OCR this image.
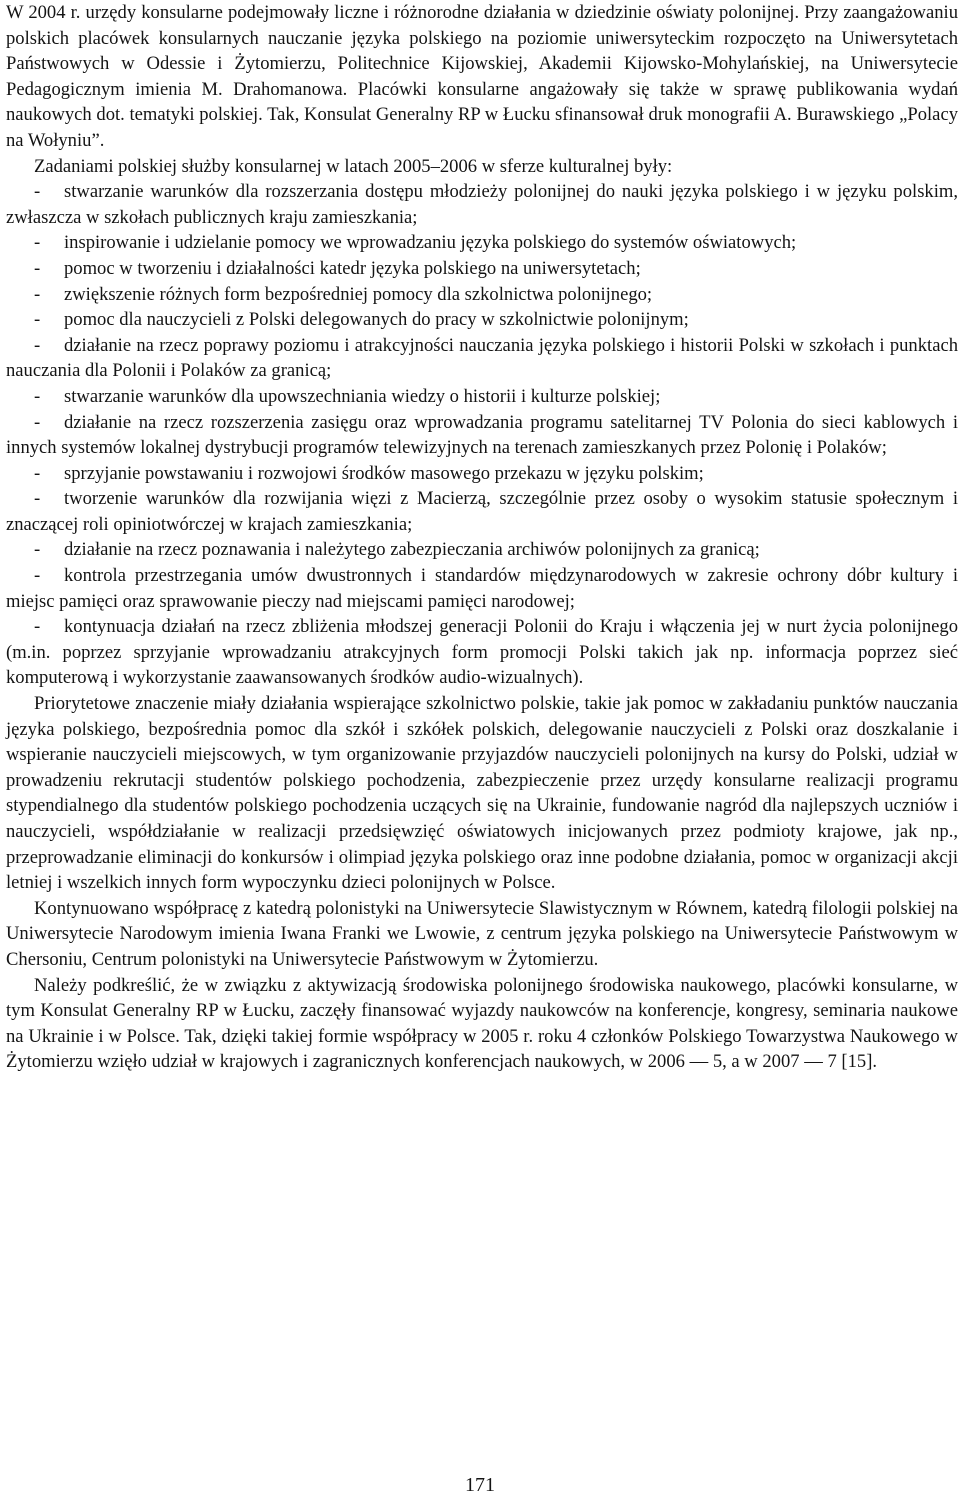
W 2004 r. urzędy konsularne podejmowały liczne i różnorodne działania w dziedzinie oświaty polonijnej. Przy zaangażowaniu polskich placówek konsularnych nauczanie języka polskiego na poziomie uniwersyteckim rozpoczęto na Uniwersytetach Państwowych w Odessie i Żytomierzu, Politechnice Kijowskiej, Akademii Kijowsko-Mohylańskiej, na Uniwersytecie Pedagogicznym imienia M. Drahomanowa. Placówki konsularne angażowały się także w sprawę publikowania wydań naukowych dot. tematyki polskiej. Tak, Konsulat Generalny RP w Łucku sfinansował druk monografii A. Burawskiego „Polacy na Wołyniu”.

Zadaniami polskiej służby konsularnej w latach 2005–2006 w sferze kulturalnej były:

- stwarzanie warunków dla rozszerzania dostępu młodzieży polonijnej do nauki języka polskiego i w języku polskim, zwłaszcza w szkołach publicznych kraju zamieszkania;

- inspirowanie i udzielanie pomocy we wprowadzaniu języka polskiego do systemów oświatowych;

- pomoc w tworzeniu i działalności katedr języka polskiego na uniwersytetach;

- zwiększenie różnych form bezpośredniej pomocy dla szkolnictwa polonijnego;

- pomoc dla nauczycieli z Polski delegowanych do pracy w szkolnictwie polonijnym;

- działanie na rzecz poprawy poziomu i atrakcyjności nauczania języka polskiego i historii Polski w szkołach i punktach nauczania dla Polonii i Polaków za granicą;

- stwarzanie warunków dla upowszechniania wiedzy o historii i kulturze polskiej;

- działanie na rzecz rozszerzenia zasięgu oraz wprowadzania programu satelitarnej TV Polonia do sieci kablowych i innych systemów lokalnej dystrybucji programów telewizyjnych na terenach zamieszkanych przez Polonię i Polaków;

- sprzyjanie powstawaniu i rozwojowi środków masowego przekazu w języku polskim;

- tworzenie warunków dla rozwijania więzi z Macierzą, szczególnie przez osoby o wysokim statusie społecznym i znaczącej roli opiniotwórczej w krajach zamieszkania;

- działanie na rzecz poznawania i należytego zabezpieczania archiwów polonijnych za granicą;

- kontrola przestrzegania umów dwustronnych i standardów międzynarodowych w zakresie ochrony dóbr kultury i miejsc pamięci oraz sprawowanie pieczy nad miejscami pamięci narodowej;

- kontynuacja działań na rzecz zbliżenia młodszej generacji Polonii do Kraju i włączenia jej w nurt życia polonijnego (m.in. poprzez sprzyjanie wprowadzaniu atrakcyjnych form promocji Polski takich jak np. informacja poprzez sieć komputerową i wykorzystanie zaawansowanych środków audio-wizualnych).

Priorytetowe znaczenie miały działania wspierające szkolnictwo polskie, takie jak pomoc w zakładaniu punktów nauczania języka polskiego, bezpośrednia pomoc dla szkół i szkółek polskich, delegowanie nauczycieli z Polski oraz doszkalanie i wspieranie nauczycieli miejscowych, w tym organizowanie przyjazdów nauczycieli polonijnych na kursy do Polski, udział w prowadzeniu rekrutacji studentów polskiego pochodzenia, zabezpieczenie przez urzędy konsularne realizacji programu stypendialnego dla studentów polskiego pochodzenia uczących się na Ukrainie, fundowanie nagród dla najlepszych uczniów i nauczycieli, współdziałanie w realizacji przedsięwzięć oświatowych inicjowanych przez podmioty krajowe, jak np., przeprowadzanie eliminacji do konkursów i olimpiad języka polskiego oraz inne podobne działania, pomoc w organizacji akcji letniej i wszelkich innych form wypoczynku dzieci polonijnych w Polsce.

Kontynuowano współpracę z katedrą polonistyki na Uniwersytecie Slawistycznym w Równem, katedrą filologii polskiej na Uniwersytecie Narodowym imienia Iwana Franki we Lwowie, z centrum języka polskiego na Uniwersytecie Państwowym w Chersoniu, Centrum polonistyki na Uniwersytecie Państwowym w Żytomierzu.

Należy podkreślić, że w związku z aktywizacją środowiska polonijnego środowiska naukowego, placówki konsularne, w tym Konsulat Generalny RP w Łucku, zaczęły finansować wyjazdy naukowców na konferencje, kongresy, seminaria naukowe na Ukrainie i w Polsce. Tak, dzięki takiej formie współpracy w 2005 r. roku 4 członków Polskiego Towarzystwa Naukowego w Żytomierzu wzięło udział w krajowych i zagranicznych konferencjach naukowych, w 2006 — 5, a w 2007 — 7 [15].

171
